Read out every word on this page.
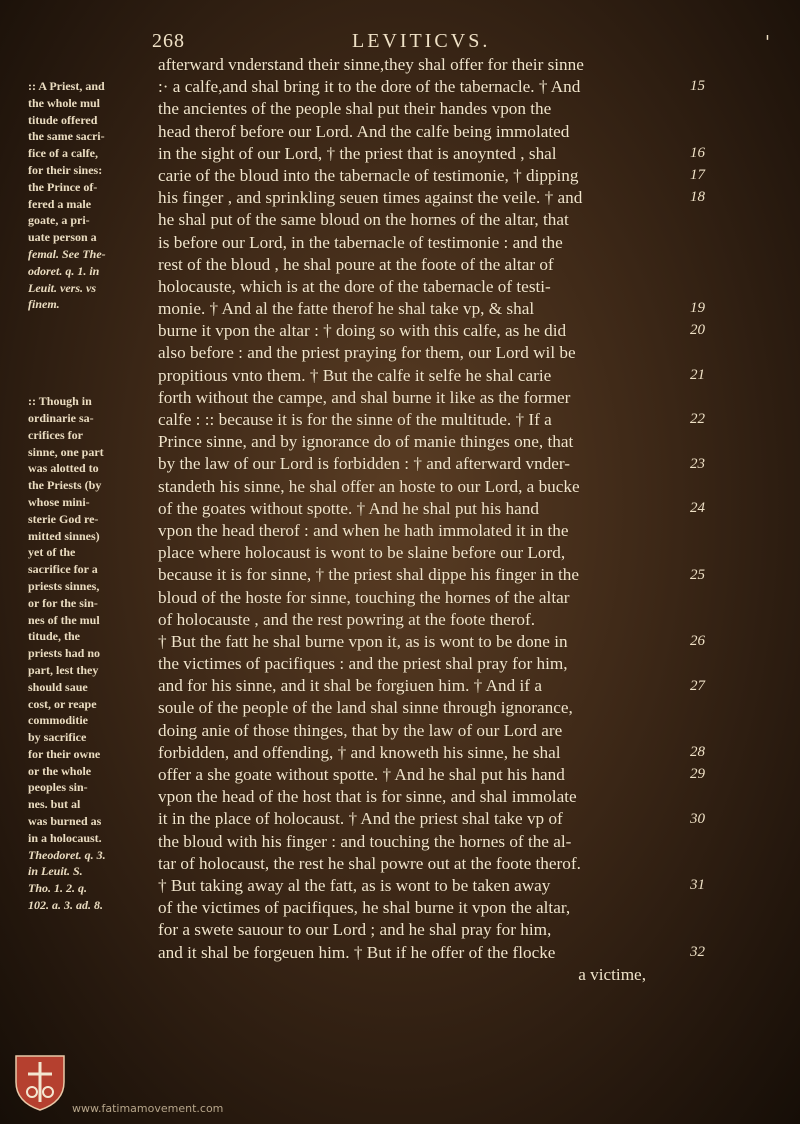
268	LEVITICVS.	'
afterward vnderstand their sinne,they shal offer for their sinne
:· a calfe,and shal bring it to the dore of the tabernacle. † And
the ancientes of the people shal put their handes vpon the
head therof before our Lord. And the calfe being immolated
in the sight of our Lord, † the priest that is anoynted , shal
carie of the bloud into the tabernacle of testimonie, † dipping
his finger , and sprinkling seuen times against the veile. † and
he shal put of the same bloud on the hornes of the altar, that
is before our Lord, in the tabernacle of testimonie : and the
rest of the bloud , he shal poure at the foote of the altar of
holocauste, which is at the dore of the tabernacle of testi-
monie. † And al the fatte therof he shal take vp, & shal
burne it vpon the altar : † doing so with this calfe, as he did
also before : and the priest praying for them, our Lord wil be
propitious vnto them. † But the calfe it selfe he shal carie
forth without the campe, and shal burne it like as the former
calfe : :: because it is for the sinne of the multitude. † If a
Prince sinne, and by ignorance do of manie thinges one, that
by the law of our Lord is forbidden : † and afterward vnder-
standeth his sinne, he shal offer an hoste to our Lord, a bucke
of the goates without spotte. † And he shal put his hand
vpon the head therof : and when he hath immolated it in the
place where holocaust is wont to be slaine before our Lord,
because it is for sinne, † the priest shal dippe his finger in the
bloud of the hoste for sinne, touching the hornes of the altar
of holocauste , and the rest powring at the foote therof.
† But the fatt he shal burne vpon it, as is wont to be done in
the victimes of pacifiques : and the priest shal pray for him,
and for his sinne, and it shal be forgiuen him. † And if a
soule of the people of the land shal sinne through ignorance,
doing anie of those thinges, that by the law of our Lord are
forbidden, and offending, † and knoweth his sinne, he shal
offer a she goate without spotte. † And he shal put his hand
vpon the head of the host that is for sinne, and shal immolate
it in the place of holocaust. † And the priest shal take vp of
the bloud with his finger : and touching the hornes of the al-
tar of holocaust, the rest he shal powre out at the foote therof.
† But taking away al the fatt, as is wont to be taken away
of the victimes of pacifiques, he shal burne it vpon the altar,
for a swete sauour to our Lord ; and he shal pray for him,
and it shal be forgeuen him. † But if he offer of the flocke
a victime,
:: A Priest, and
the whole mul
titude offered
the same sacri-
fice of a calfe,
for their sines:
the Prince of-
fered a male
goate, a pri-
uate person a
femal. See The-
odoret. q. 1. in
Leuit. vers. vs
finem.
:: Though in
ordinarie sa-
crifices for
sinne, one part
was alotted to
the Priests (by
whose mini-
sterie God re-
mitted sinnes)
yet of the
sacrifice for a
priests sinnes,
or for the sin-
nes of the mul
titude, the
priests had no
part, lest they
should saue
cost, or reape
commoditie
by sacrifice
for their owne
or the whole
peoples sin-
nes. but al
was burned as
in a holocaust.
Theodoret. q. 3.
in Leuit. S.
Tho. 1. 2. q.
102. a. 3. ad. 8.
15
16
17
18
19
20
21
22
23
24
25
26
27
28
29
30
31
32
www.fatimamovement.com
